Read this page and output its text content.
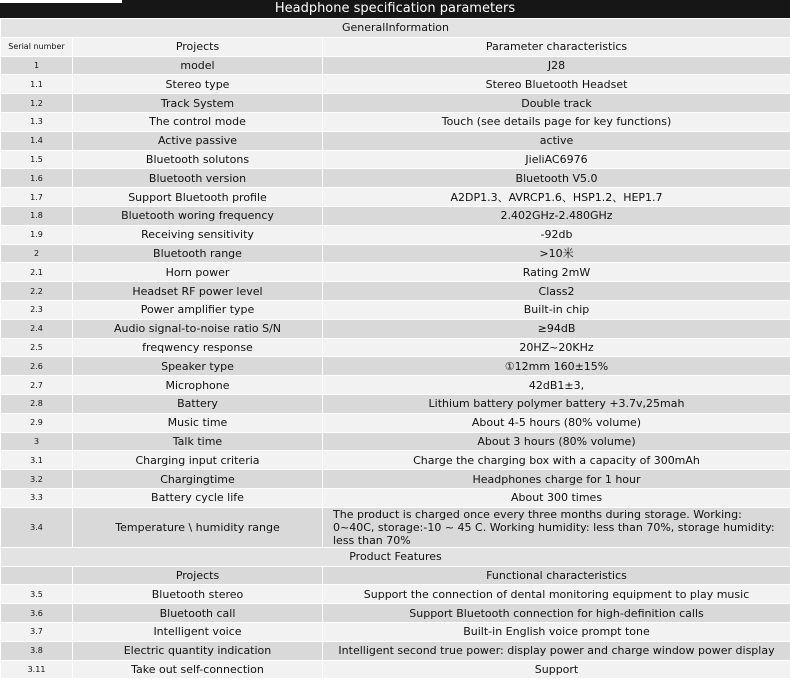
Headphone specification parameters
GeneralInformation		
Serial number	Projects	Parameter characteristics
1	model	J28
1.1	Stereo type	Stereo Bluetooth Headset
1.2	Track System	Double track
1.3	The control mode	Touch (see details page for key functions)
1.4	Active passive	active
1.5	Bluetooth solutons	JieliAC6976
1.6	Bluetooth version	Bluetooth V5.0
1.7	Support Bluetooth profile	A2DP1.3、AVRCP1.6、HSP1.2、HEP1.7
1.8	Bluetooth woring frequency	2.402GHz-2.480GHz
1.9	Receiving sensitivity	-92db
2	Bluetooth range	>10米
2.1	Horn power	Rating 2mW
2.2	Headset RF power level	Class2
2.3	Power amplifier type	Built-in chip
2.4	Audio signal-to-noise ratio S/N	≥94dB
2.5	freqwency response	20HZ~20KHz
2.6	Speaker type	①12mm 160±15%
2.7	Microphone	42dB1±3,
2.8	Battery	Lithium battery polymer battery +3.7v,25mah
2.9	Music time	About 4-5 hours (80% volume)
3	Talk time	About 3 hours (80% volume)
3.1	Charging input criteria	Charge the charging box with a capacity of 300mAh
3.2	Chargingtime	Headphones charge for 1 hour
3.3	Battery cycle life	About 300 times
3.4	Temperature \ humidity range	The product is charged once every three months during storage. Working: 0~40C, storage:-10 ~ 45 C. Working humidity: less than 70%, storage humidity: less than 70%
Product Features		
	Projects	Functional characteristics
3.5	Bluetooth stereo	Support the connection of dental monitoring equipment to play music
3.6	Bluetooth call	Support Bluetooth connection for high-definition calls
3.7	Intelligent voice	Built-in English voice prompt tone
3.8	Electric quantity indication	Intelligent second true power: display power and charge window power display
3.11	Take out self-connection	Support
